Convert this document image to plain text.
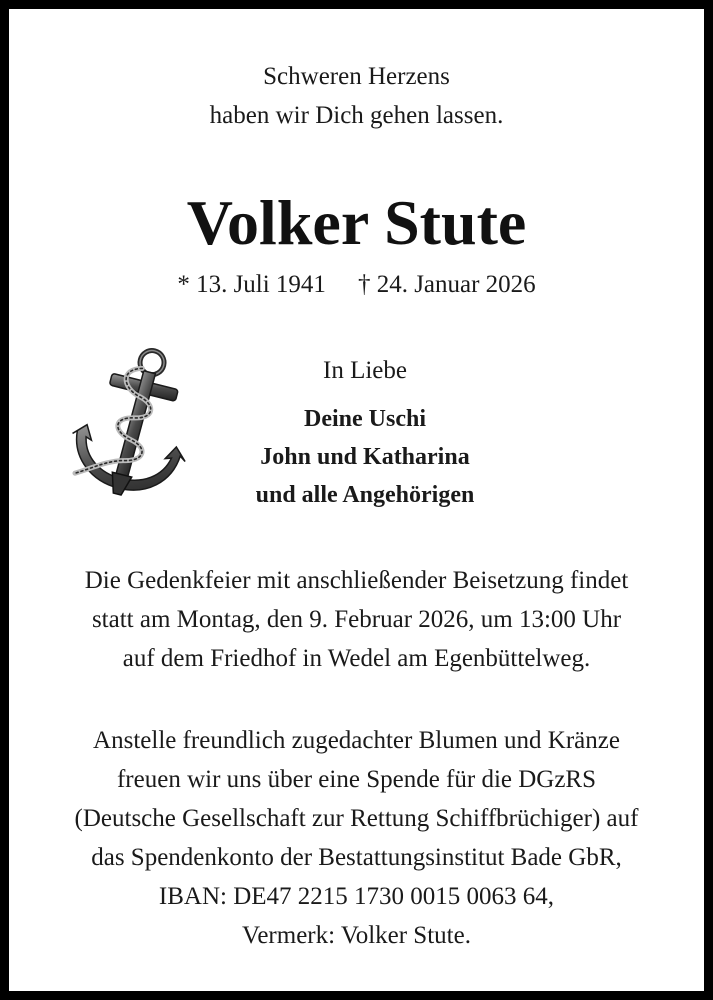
Schweren Herzens
haben wir Dich gehen lassen.
Volker Stute
* 13. Juli 1941 † 24. Januar 2026
In Liebe
Deine Uschi
John und Katharina
und alle Angehörigen
Die Gedenkfeier mit anschließender Beisetzung findet
statt am Montag, den 9. Februar 2026, um 13:00 Uhr
auf dem Friedhof in Wedel am Egenbüttelweg.
Anstelle freundlich zugedachter Blumen und Kränze
freuen wir uns über eine Spende für die DGzRS
(Deutsche Gesellschaft zur Rettung Schiffbrüchiger) auf
das Spendenkonto der Bestattungsinstitut Bade GbR,
IBAN: DE47 2215 1730 0015 0063 64,
Vermerk: Volker Stute.
